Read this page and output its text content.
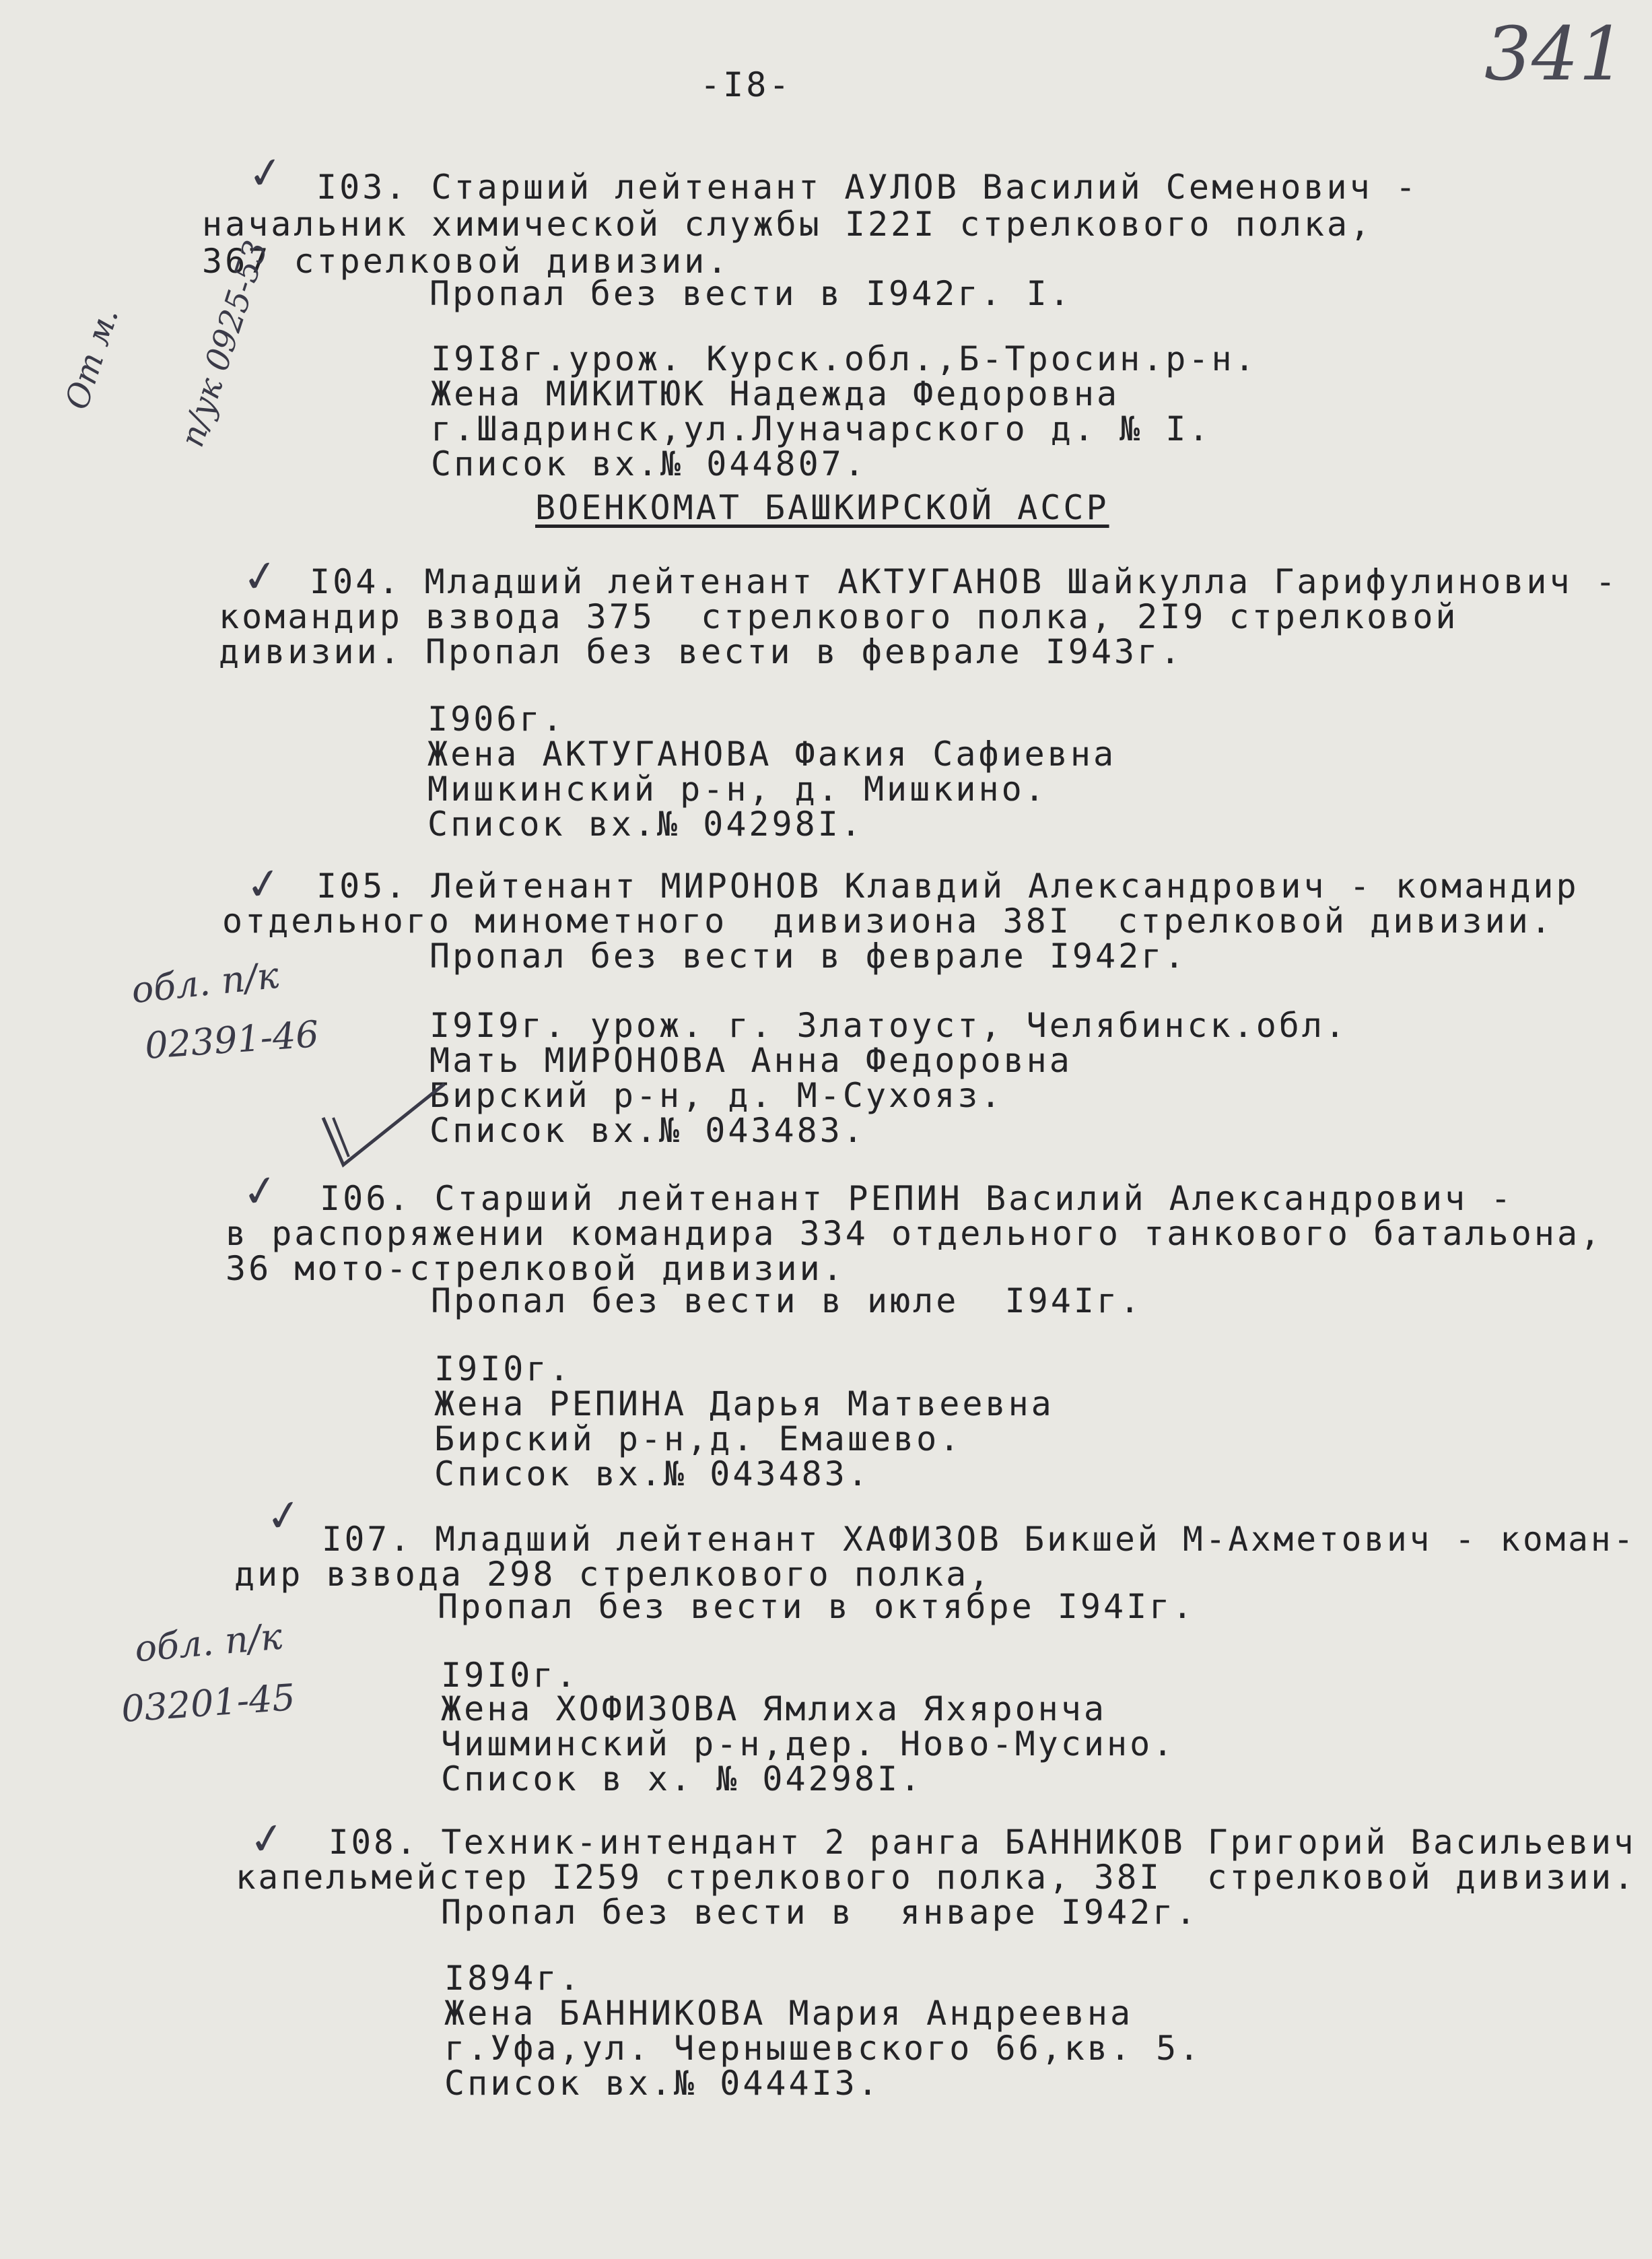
-I8-	341
✓ I03. Старший лейтенант АУЛОВ Василий Семенович -
начальник химической службы I22I стрелкового полка,
367 стрелковой дивизии.
Пропал без вести в I942г. I.
I9I8г.урож. Курск.обл.,Б-Тросин.р-н.
Жена МИКИТЮК Надежда Федоровна
г.Шадринск,ул.Луначарского д. № I.
Список вх.№ 044807.

От м.

	п/ук 0925-53

ВОЕНКОМАТ БАШКИРСКОЙ АССР
✓ I04. Младший лейтенант АКТУГАНОВ Шайкулла Гарифулинович -
командир взвода 375  стрелкового полка, 2I9 стрелковой
дивизии. Пропал без вести в феврале I943г.
I906г.
Жена АКТУГАНОВА Факия Сафиевна
Мишкинский р-н, д. Мишкино.
Список вх.№ 04298I.
✓ I05. Лейтенант МИРОНОВ Клавдий Александрович - командир
отдельного минометного  дивизиона 38I  стрелковой дивизии.
Пропал без вести в феврале I942г.
I9I9г. урож. г. Златоуст, Челябинск.обл.
Мать МИРОНОВА Анна Федоровна
Бирский р-н, д. М-Сухояз.
Список вх.№ 043483.
обл. п/к
02391-46
✓ I06. Старший лейтенант РЕПИН Василий Александрович -
в распоряжении командира 334 отдельного танкового батальона,
36 мото-стрелковой дивизии.
Пропал без вести в июле  I94Iг.
I9I0г.
Жена РЕПИНА Дарья Матвеевна
Бирский р-н,д. Емашево.
Список вх.№ 043483.
✓ I07. Младший лейтенант ХАФИЗОВ Бикшей М-Ахметович - коман-
дир взвода 298 стрелкового полка,
Пропал без вести в октябре I94Iг.
I9I0г.
Жена ХОФИЗОВА Ямлиха Яхярончa
Чишминский р-н,дер. Ново-Мусино.
Список в х. № 04298I.
обл. п/к
03201-45
✓ I08. Техник-интендант 2 ранга БАННИКОВ Григорий Васильевич
капельмейстер I259 стрелкового полка, 38I  стрелковой дивизии.
Пропал без вести в  январе I942г.
I894г.
Жена БАННИКОВА Мария Андреевна
г.Уфа,ул. Чернышевского 66,кв. 5.
Список вх.№ 0444I3.
